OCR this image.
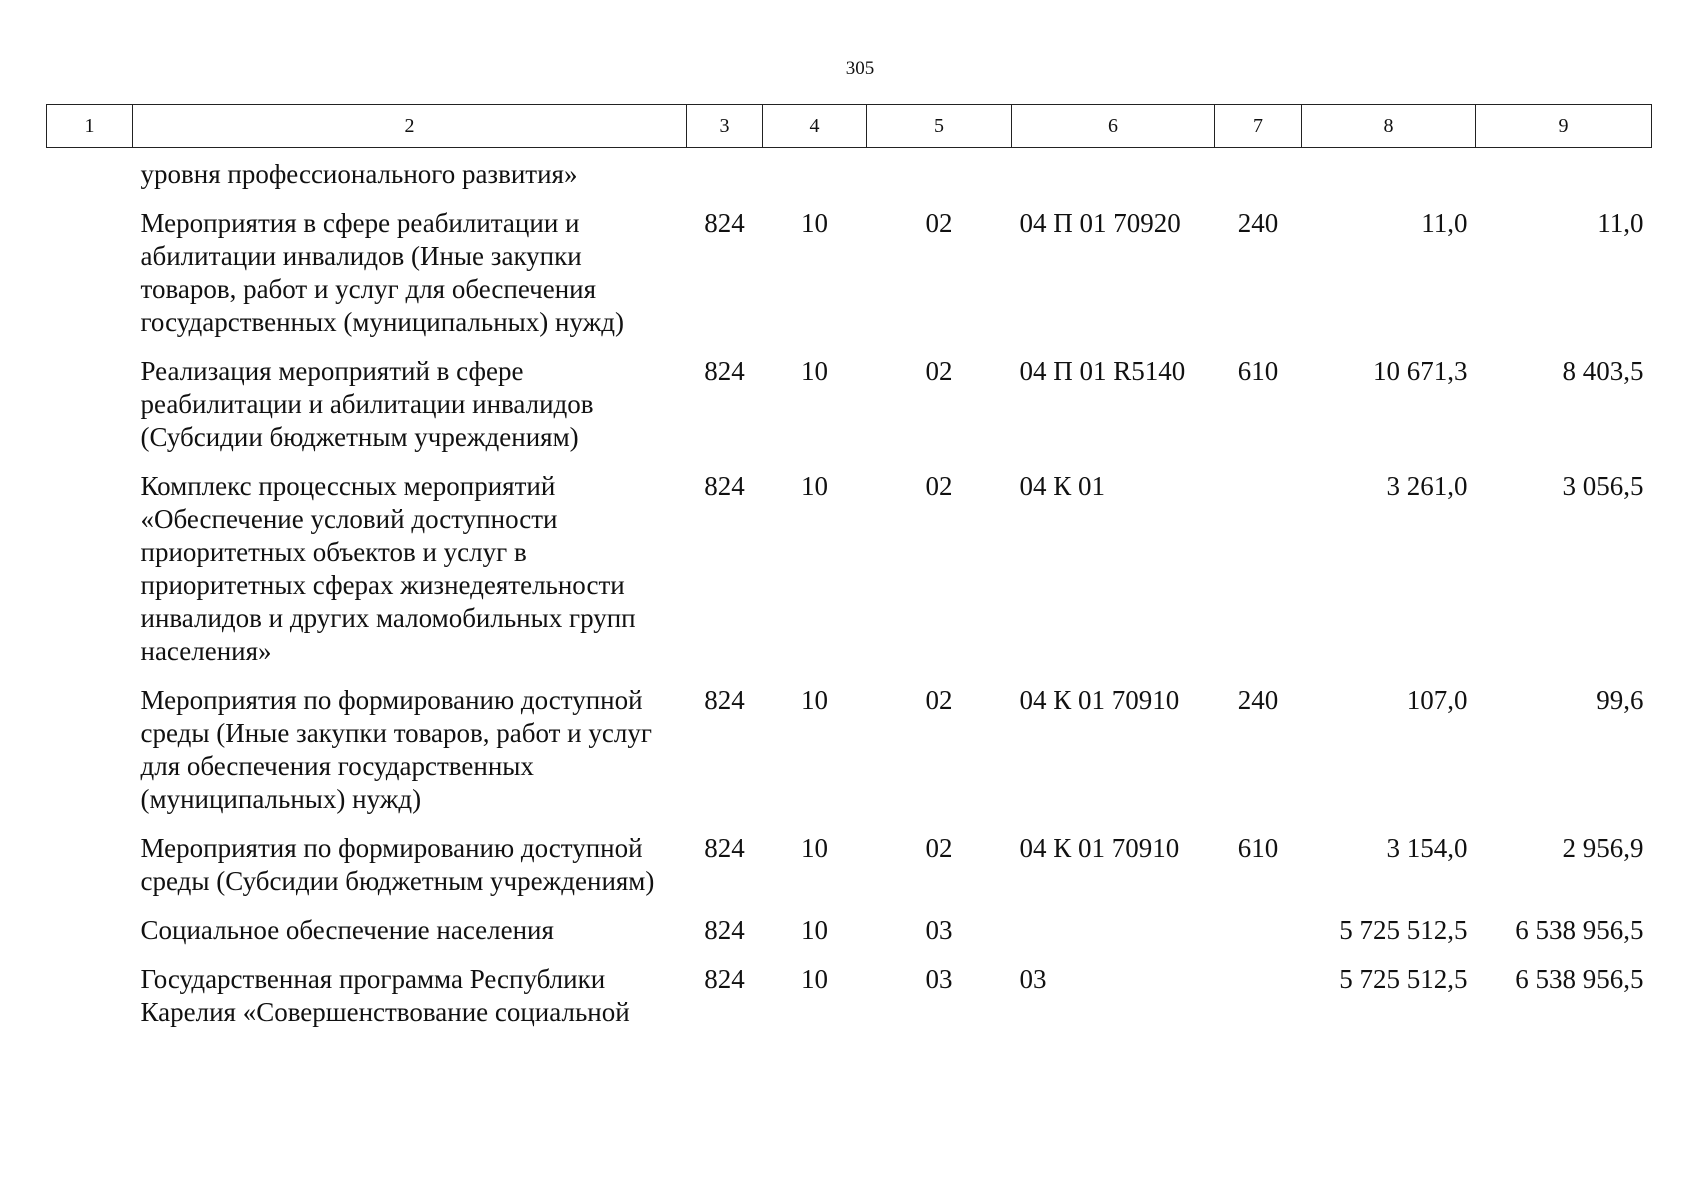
305
1	2	3	4	5	6	7	8	9
	уровня профессионального развития»							
	Мероприятия в сфере реабилитации и абилитации инвалидов (Иные закупки товаров, работ и услуг для обеспечения государственных (муниципальных) нужд)	824	10	02	04 П 01 70920	240	11,0	11,0
	Реализация мероприятий в сфере реабилитации и абилитации инвалидов (Субсидии бюджетным учреждениям)	824	10	02	04 П 01 R5140	610	10 671,3	8 403,5
	Комплекс процессных мероприятий «Обеспечение условий доступности приоритетных объектов и услуг в приоритетных сферах жизнедеятельности инвалидов и других маломобильных групп населения»	824	10	02	04 К 01		3 261,0	3 056,5
	Мероприятия по формированию доступной среды (Иные закупки товаров, работ и услуг для обеспечения государственных (муниципальных) нужд)	824	10	02	04 К 01 70910	240	107,0	99,6
	Мероприятия по формированию доступной среды (Субсидии бюджетным учреждениям)	824	10	02	04 К 01 70910	610	3 154,0	2 956,9
	Социальное обеспечение населения	824	10	03			5 725 512,5	6 538 956,5
	Государственная программа Республики Карелия «Совершенствование социальной	824	10	03	03		5 725 512,5	6 538 956,5
